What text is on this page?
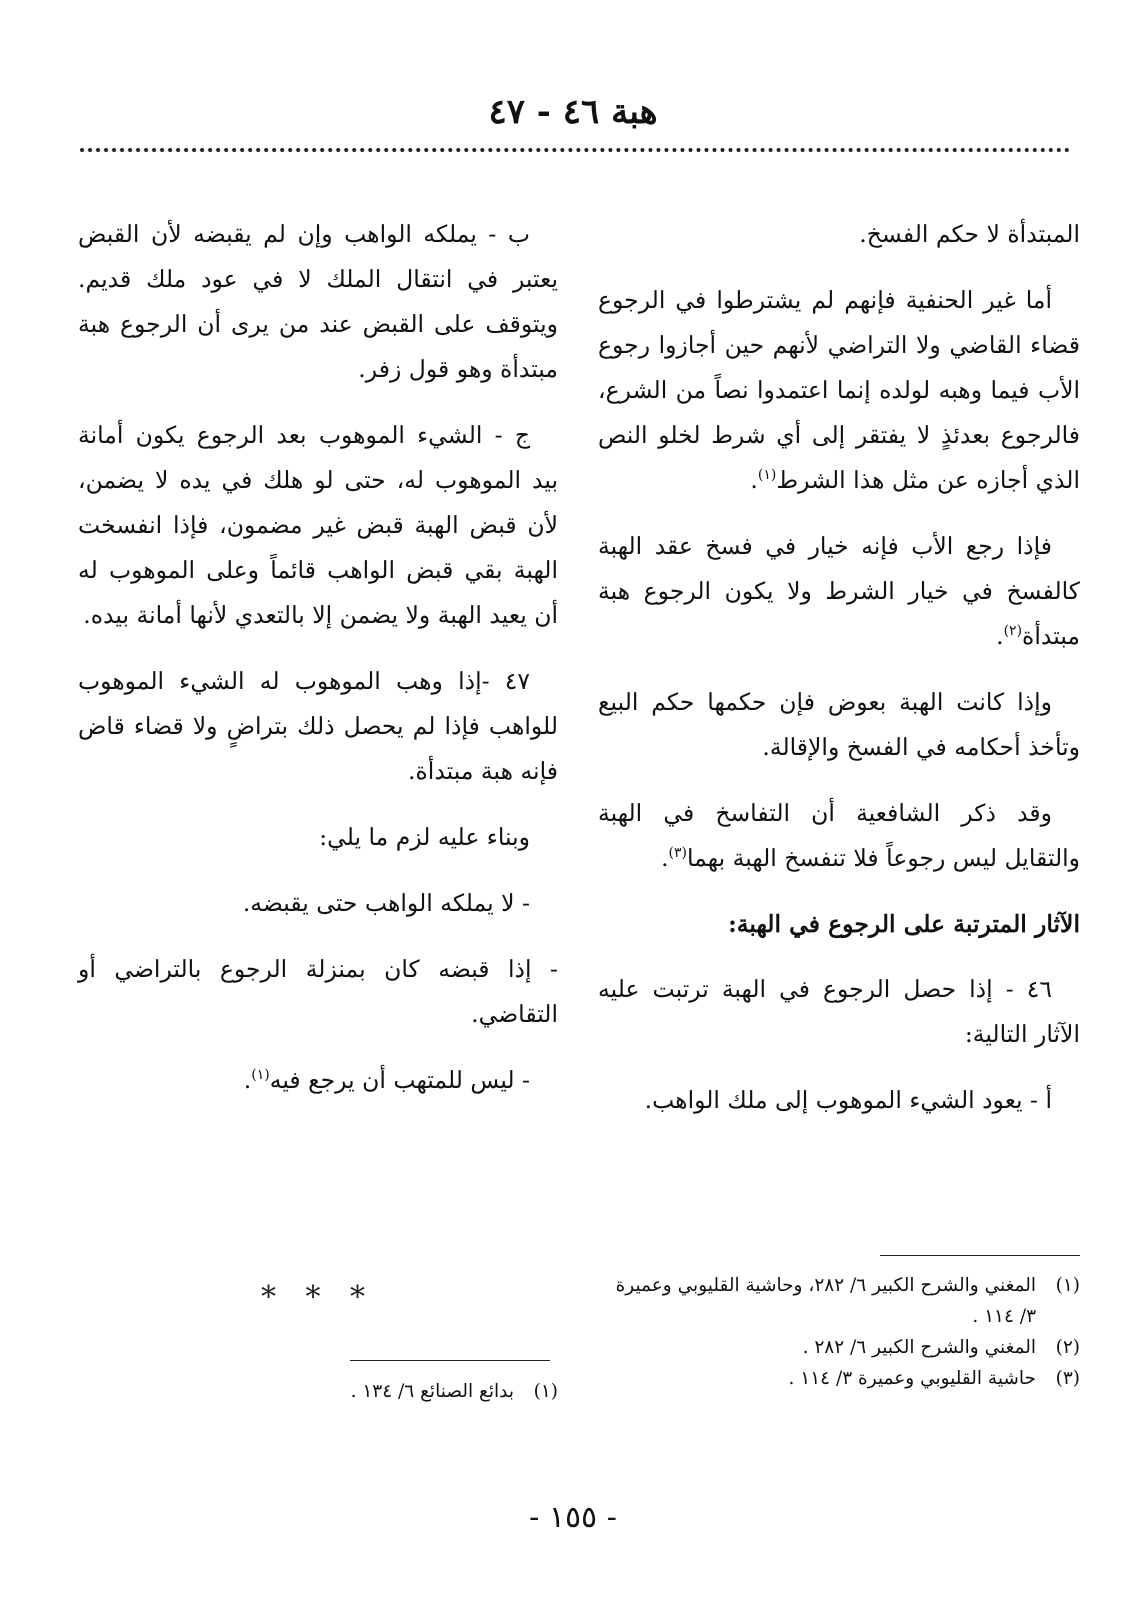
هبة ٤٦ - ٤٧

المبتدأة لا حكم الفسخ.

أما غير الحنفية فإنهم لم يشترطوا في الرجوع قضاء القاضي ولا التراضي لأنهم حين أجازوا رجوع الأب فيما وهبه لولده إنما اعتمدوا نصاً من الشرع، فالرجوع بعدئذٍ لا يفتقر إلى أي شرط لخلو النص الذي أجازه عن مثل هذا الشرط$^{(١)}$.

فإذا رجع الأب فإنه خيار في فسخ عقد الهبة كالفسخ في خيار الشرط ولا يكون الرجوع هبة مبتدأة$^{(٢)}$.

وإذا كانت الهبة بعوض فإن حكمها حكم البيع وتأخذ أحكامه في الفسخ والإقالة.

وقد ذكر الشافعية أن التفاسخ في الهبة والتقايل ليس رجوعاً فلا تنفسخ الهبة بهما$^{(٣)}$.

الآثار المترتبة على الرجوع في الهبة:

٤٦ - إذا حصل الرجوع في الهبة ترتبت عليه الآثار التالية:

أ - يعود الشيء الموهوب إلى ملك الواهب.

ب - يملكه الواهب وإن لم يقبضه لأن القبض يعتبر في انتقال الملك لا في عود ملك قديم. ويتوقف على القبض عند من يرى أن الرجوع هبة مبتدأة وهو قول زفر.

ج - الشيء الموهوب بعد الرجوع يكون أمانة بيد الموهوب له، حتى لو هلك في يده لا يضمن، لأن قبض الهبة قبض غير مضمون، فإذا انفسخت الهبة بقي قبض الواهب قائماً وعلى الموهوب له أن يعيد الهبة ولا يضمن إلا بالتعدي لأنها أمانة بيده.

٤٧ -إذا وهب الموهوب له الشيء الموهوب للواهب فإذا لم يحصل ذلك بتراضٍ ولا قضاء قاض فإنه هبة مبتدأة.

وبناء عليه لزم ما يلي:

- لا يملكه الواهب حتى يقبضه.

- إذا قبضه كان بمنزلة الرجوع بالتراضي أو التقاضي.

- ليس للمتهب أن يرجع فيه$^{(١)}$.

* * *	(١)
المغني والشرح الكبير ٦/ ٢٨٢، وحاشية القليوبي وعميرة ٣/ ١١٤ .
(٢)
المغني والشرح الكبير ٦/ ٢٨٢ .
(٣)
حاشية القليوبي وعميرة ٣/ ١١٤ .
(١)
بدائع الصنائع ٦/ ١٣٤ .
- ١٥٥ -
